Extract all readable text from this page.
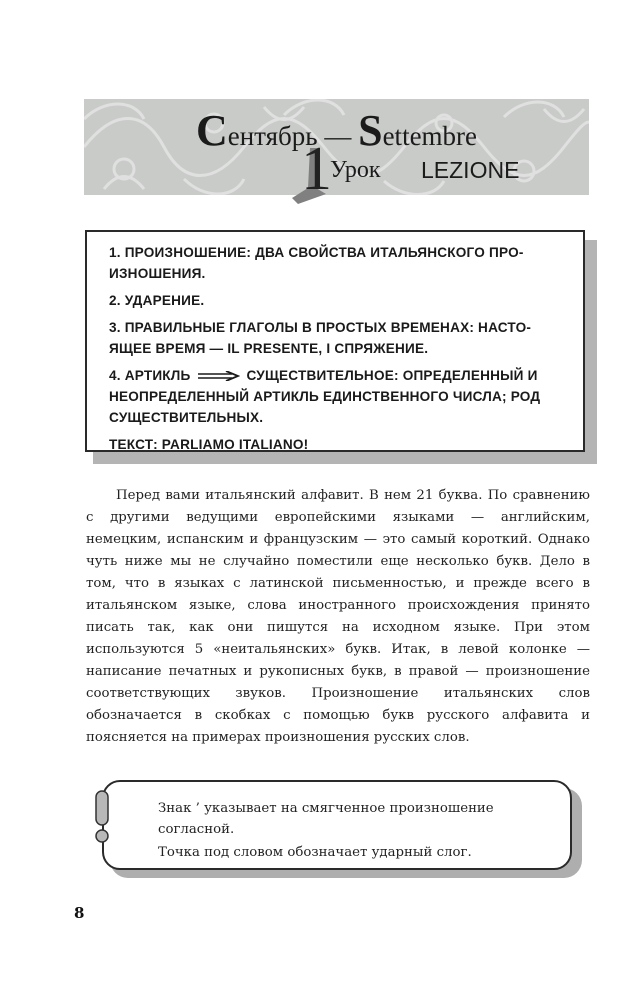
Сентябрь — Settembre
Урок LEZIONE
1
1. ПРОИЗНОШЕНИЕ: ДВА СВОЙСТВА ИТАЛЬЯНСКОГО ПРОИЗНОШЕНИЯ.
2. УДАРЕНИЕ.
3. ПРАВИЛЬНЫЕ ГЛАГОЛЫ В ПРОСТЫХ ВРЕМЕНАХ: НАСТОЯЩЕЕ ВРЕМЯ — IL PRESENTE, I СПРЯЖЕНИЕ.
4. АРТИКЛЬ	СУЩЕСТВИТЕЛЬНОЕ: ОПРЕДЕЛЕННЫЙ И НЕОПРЕДЕЛЕННЫЙ АРТИКЛЬ ЕДИНСТВЕННОГО ЧИСЛА; РОД СУЩЕСТВИТЕЛЬНЫХ.
ТЕКСТ: PARLIAMO ITALIANO!
Перед вами итальянский алфавит. В нем 21 буква. По сравнению с другими ведущими европейскими языками — английским, немецким, испанским и французским — это самый короткий. Однако чуть ниже мы не случайно поместили еще несколько букв. Дело в том, что в языках с латинской письменностью, и прежде всего в итальянском языке, слова иностранного происхождения принято писать так, как они пишутся на исходном языке. При этом используются 5 «неитальянских» букв. Итак, в левой колонке — написание печатных и рукописных букв, в правой — произношение соответствующих звуков. Произношение итальянских слов обозначается в скобках с помощью букв русского алфавита и поясняется на примерах произношения русских слов.

Знак ’ указывает на смягченное произношение согласной.

Точка под словом обозначает ударный слог.

8
